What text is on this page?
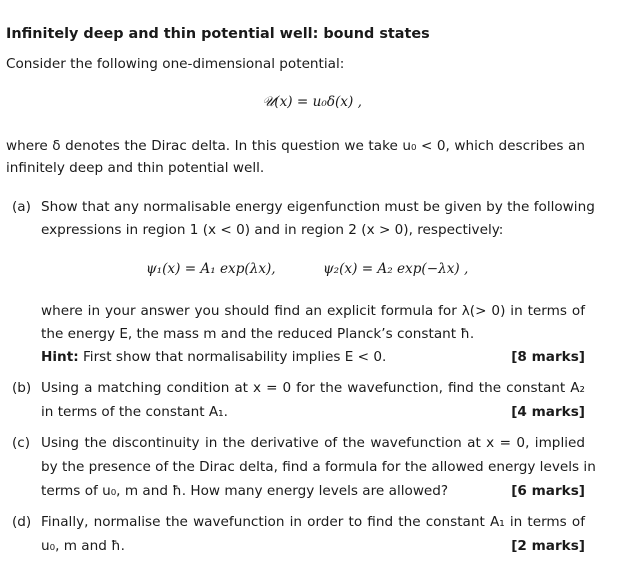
Infinitely deep and thin potential well: bound states
Consider the following one-dimensional potential:
𝒰(x) = u₀δ(x) ,
where δ denotes the Dirac delta. In this question we take u₀ < 0, which describes an
infinitely deep and thin potential well.
(a) Show that any normalisable energy eigenfunction must be given by the following
expressions in region 1 (x < 0) and in region 2 (x > 0), respectively:
ψ₁(x) = A₁ exp(λx),	ψ₂(x) = A₂ exp(−λx) ,
where in your answer you should find an explicit formula for λ(> 0) in terms of
the energy E, the mass m and the reduced Planck’s constant ħ.
Hint: First show that normalisability implies E < 0.	[8 marks]
(b) Using a matching condition at x = 0 for the wavefunction, find the constant A₂
in terms of the constant A₁.	[4 marks]
(c) Using the discontinuity in the derivative of the wavefunction at x = 0, implied
by the presence of the Dirac delta, find a formula for the allowed energy levels in
terms of u₀, m and ħ. How many energy levels are allowed?	[6 marks]
(d) Finally, normalise the wavefunction in order to find the constant A₁ in terms of
u₀, m and ħ.	[2 marks]
